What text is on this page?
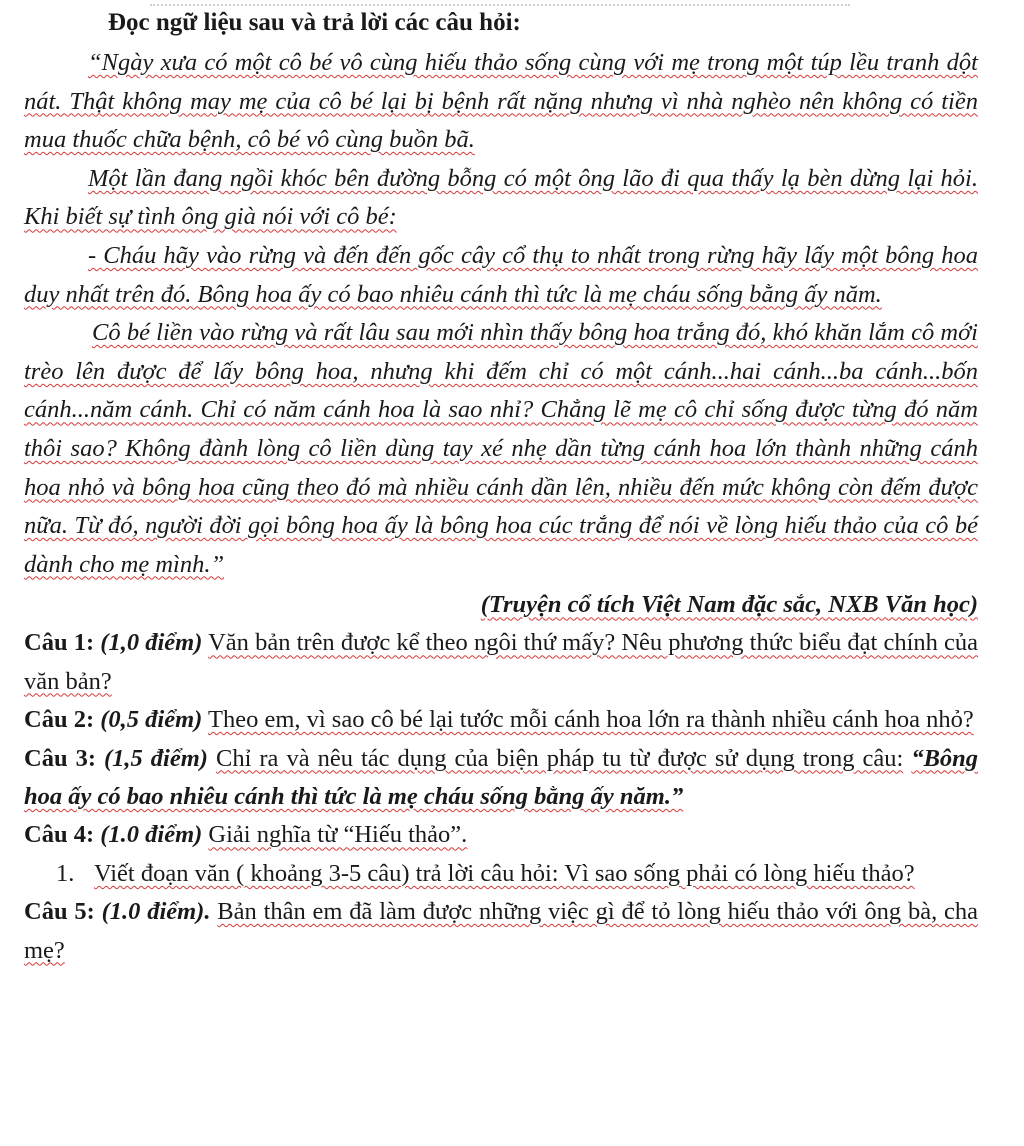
Đọc ngữ liệu sau và trả lời các câu hỏi:

“Ngày xưa có một cô bé vô cùng hiếu thảo sống cùng với mẹ trong một túp lều tranh dột nát. Thật không may mẹ của cô bé lại bị bệnh rất nặng nhưng vì nhà nghèo nên không có tiền mua thuốc chữa bệnh, cô bé vô cùng buồn bã.

Một lần đang ngồi khóc bên đường bỗng có một ông lão đi qua thấy lạ bèn dừng lại hỏi. Khi biết sự tình ông già nói với cô bé:

- Cháu hãy vào rừng và đến đến gốc cây cổ thụ to nhất trong rừng hãy lấy một bông hoa duy nhất trên đó. Bông hoa ấy có bao nhiêu cánh thì tức là mẹ cháu sống bằng ấy năm.

Cô bé liền vào rừng và rất lâu sau mới nhìn thấy bông hoa trắng đó, khó khăn lắm cô mới trèo lên được để lấy bông hoa, nhưng khi đếm chỉ có một cánh...hai cánh...ba cánh...bốn cánh...năm cánh. Chỉ có năm cánh hoa là sao nhỉ? Chẳng lẽ mẹ cô chỉ sống được từng đó năm thôi sao? Không đành lòng cô liền dùng tay xé nhẹ dần từng cánh hoa lớn thành những cánh hoa nhỏ và bông hoa cũng theo đó mà nhiều cánh dần lên, nhiều đến mức không còn đếm được nữa. Từ đó, người đời gọi bông hoa ấy là bông hoa cúc trắng để nói về lòng hiếu thảo của cô bé dành cho mẹ mình.”

(Truyện cổ tích Việt Nam đặc sắc, NXB Văn học)

Câu 1: (1,0 điểm) Văn bản trên được kể theo ngôi thứ mấy? Nêu phương thức biểu đạt chính của văn bản?

Câu 2: (0,5 điểm) Theo em, vì sao cô bé lại tước mỗi cánh hoa lớn ra thành nhiều cánh hoa nhỏ?

Câu 3: (1,5 điểm) Chỉ ra và nêu tác dụng của biện pháp tu từ được sử dụng trong câu: “Bông hoa ấy có bao nhiêu cánh thì tức là mẹ cháu sống bằng ấy năm.”

Câu 4: (1.0 điểm) Giải nghĩa từ “Hiếu thảo”.

1. Viết đoạn văn ( khoảng 3-5 câu) trả lời câu hỏi: Vì sao sống phải có lòng hiếu thảo?

Câu 5: (1.0 điểm). Bản thân em đã làm được những việc gì để tỏ lòng hiếu thảo với ông bà, cha mẹ?
